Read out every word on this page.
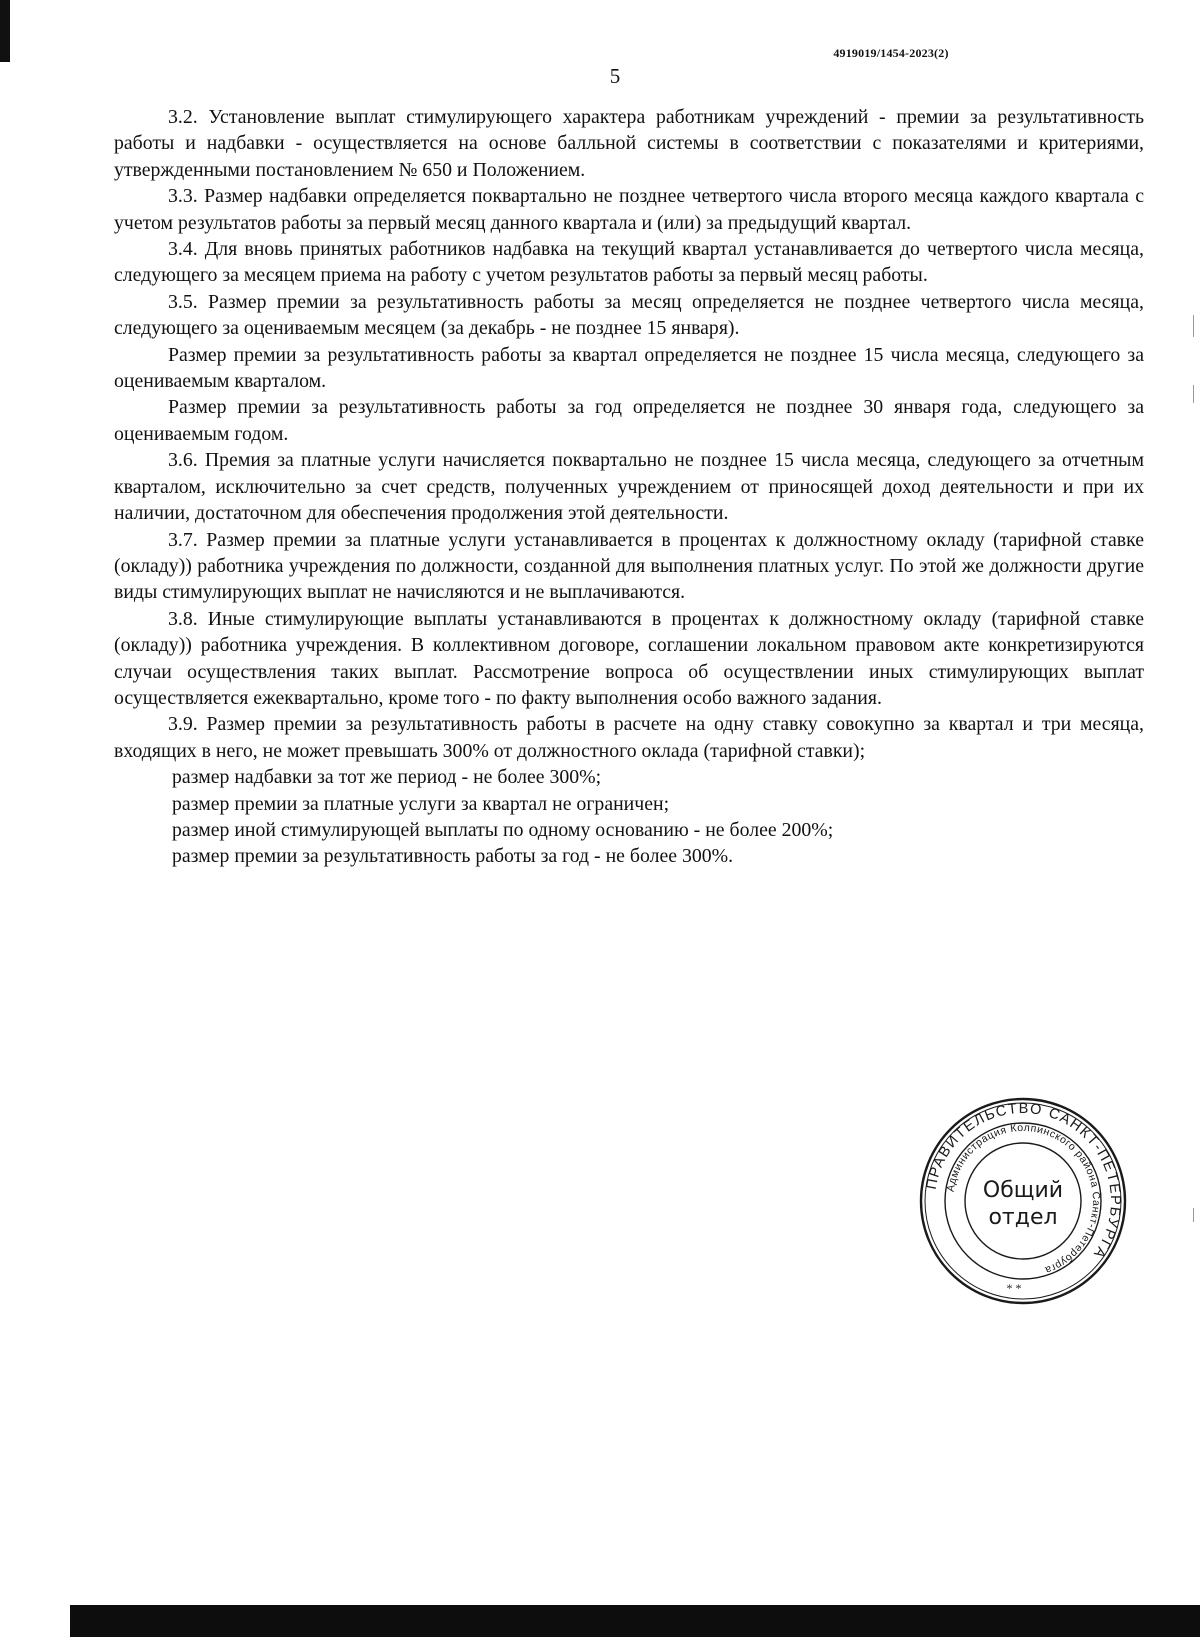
4919019/1454-2023(2)
5

3.2. Установление выплат стимулирующего характера работникам учреждений - премии за результативность работы и надбавки - осуществляется на основе балльной системы в соответствии с показателями и критериями, утвержденными постановлением № 650 и Положением.

3.3. Размер надбавки определяется поквартально не позднее четвертого числа второго месяца каждого квартала с учетом результатов работы за первый месяц данного квартала и (или) за предыдущий квартал.

3.4. Для вновь принятых работников надбавка на текущий квартал устанавливается до четвертого числа месяца, следующего за месяцем приема на работу с учетом результатов работы за первый месяц работы.

3.5. Размер премии за результативность работы за месяц определяется не позднее четвертого числа месяца, следующего за оцениваемым месяцем (за декабрь - не позднее 15 января).

Размер премии за результативность работы за квартал определяется не позднее 15 числа месяца, следующего за оцениваемым кварталом.

Размер премии за результативность работы за год определяется не позднее 30 января года, следующего за оцениваемым годом.

3.6. Премия за платные услуги начисляется поквартально не позднее 15 числа месяца, следующего за отчетным кварталом, исключительно за счет средств, полученных учреждением от приносящей доход деятельности и при их наличии, достаточном для обеспечения продолжения этой деятельности.

3.7. Размер премии за платные услуги устанавливается в процентах к должностному окладу (тарифной ставке (окладу)) работника учреждения по должности, созданной для выполнения платных услуг. По этой же должности другие виды стимулирующих выплат не начисляются и не выплачиваются.

3.8. Иные стимулирующие выплаты устанавливаются в процентах к должностному окладу (тарифной ставке (окладу)) работника учреждения. В коллективном договоре, соглашении локальном правовом акте конкретизируются случаи осуществления таких выплат. Рассмотрение вопроса об осуществлении иных стимулирующих выплат осуществляется ежеквартально, кроме того - по факту выполнения особо важного задания.

3.9. Размер премии за результативность работы в расчете на одну ставку совокупно за квартал и три месяца, входящих в него, не может превышать 300% от должностного оклада (тарифной ставки);

размер надбавки за тот же период - не более 300%;

размер премии за платные услуги за квартал не ограничен;

размер иной стимулирующей выплаты по одному основанию - не более 200%;

размер премии за результативность работы за год - не более 300%.

ПРАВИТЕЛЬСТВО САНКТ-ПЕТЕРБУРГА
Администрация Колпинского района Санкт-Петербурга
Общий
отдел
* *
